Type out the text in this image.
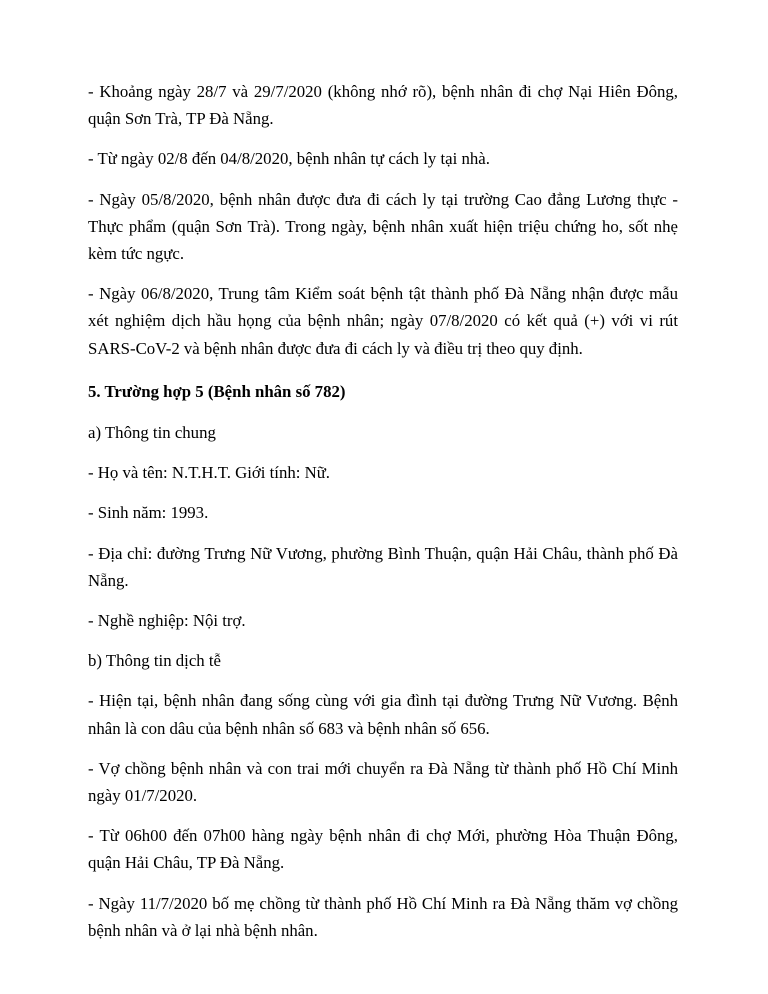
- Khoảng ngày 28/7 và 29/7/2020 (không nhớ rõ), bệnh nhân đi chợ Nại Hiên Đông, quận Sơn Trà, TP Đà Nẵng.

- Từ ngày 02/8 đến 04/8/2020, bệnh nhân tự cách ly tại nhà.

- Ngày 05/8/2020, bệnh nhân được đưa đi cách ly tại trường Cao đẳng Lương thực - Thực phẩm (quận Sơn Trà). Trong ngày, bệnh nhân xuất hiện triệu chứng ho, sốt nhẹ kèm tức ngực.

- Ngày 06/8/2020, Trung tâm Kiểm soát bệnh tật thành phố Đà Nẵng nhận được mẫu xét nghiệm dịch hầu họng của bệnh nhân; ngày 07/8/2020 có kết quả (+) với vi rút SARS-CoV-2 và bệnh nhân được đưa đi cách ly và điều trị theo quy định.

5. Trường hợp 5 (Bệnh nhân số 782)

a) Thông tin chung

- Họ và tên: N.T.H.T. Giới tính: Nữ.

- Sinh năm: 1993.

- Địa chỉ: đường Trưng Nữ Vương, phường Bình Thuận, quận Hải Châu, thành phố Đà Nẵng.

- Nghề nghiệp: Nội trợ.

b) Thông tin dịch tễ

- Hiện tại, bệnh nhân đang sống cùng với gia đình tại đường Trưng Nữ Vương. Bệnh nhân là con dâu của bệnh nhân số 683 và bệnh nhân số 656.

- Vợ chồng bệnh nhân và con trai mới chuyển ra Đà Nẵng từ thành phố Hồ Chí Minh ngày 01/7/2020.

- Từ 06h00 đến 07h00 hàng ngày bệnh nhân đi chợ Mới, phường Hòa Thuận Đông, quận Hải Châu, TP Đà Nẵng.

- Ngày 11/7/2020 bố mẹ chồng từ thành phố Hồ Chí Minh ra Đà Nẵng thăm vợ chồng bệnh nhân và ở lại nhà bệnh nhân.
